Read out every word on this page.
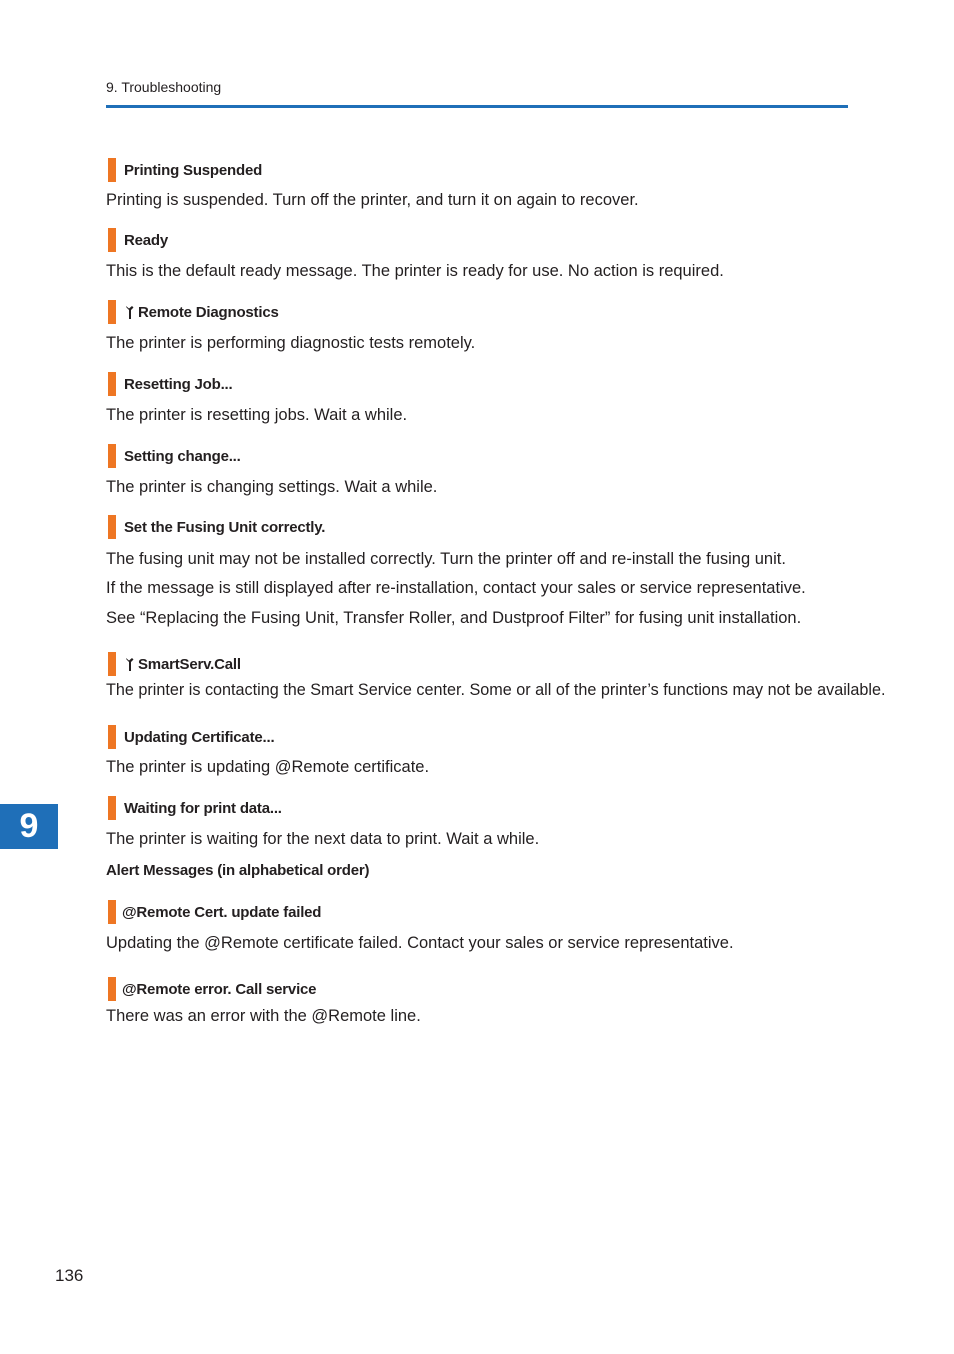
9. Troubleshooting
Printing Suspended
Printing is suspended. Turn off the printer, and turn it on again to recover.
Ready
This is the default ready message. The printer is ready for use. No action is required.
Remote Diagnostics
The printer is performing diagnostic tests remotely.
Resetting Job...
The printer is resetting jobs. Wait a while.
Setting change...
The printer is changing settings. Wait a while.
Set the Fusing Unit correctly.
The fusing unit may not be installed correctly. Turn the printer off and re-install the fusing unit.
If the message is still displayed after re-installation, contact your sales or service representative.
See “Replacing the Fusing Unit, Transfer Roller, and Dustproof Filter” for fusing unit installation.
SmartServ.Call
The printer is contacting the Smart Service center. Some or all of the printer’s functions may not be available.
Updating Certificate...
The printer is updating @Remote certificate.
Waiting for print data...
The printer is waiting for the next data to print. Wait a while.
Alert Messages (in alphabetical order)
@Remote Cert. update failed
Updating the @Remote certificate failed. Contact your sales or service representative.
@Remote error. Call service
There was an error with the @Remote line.
9
136
